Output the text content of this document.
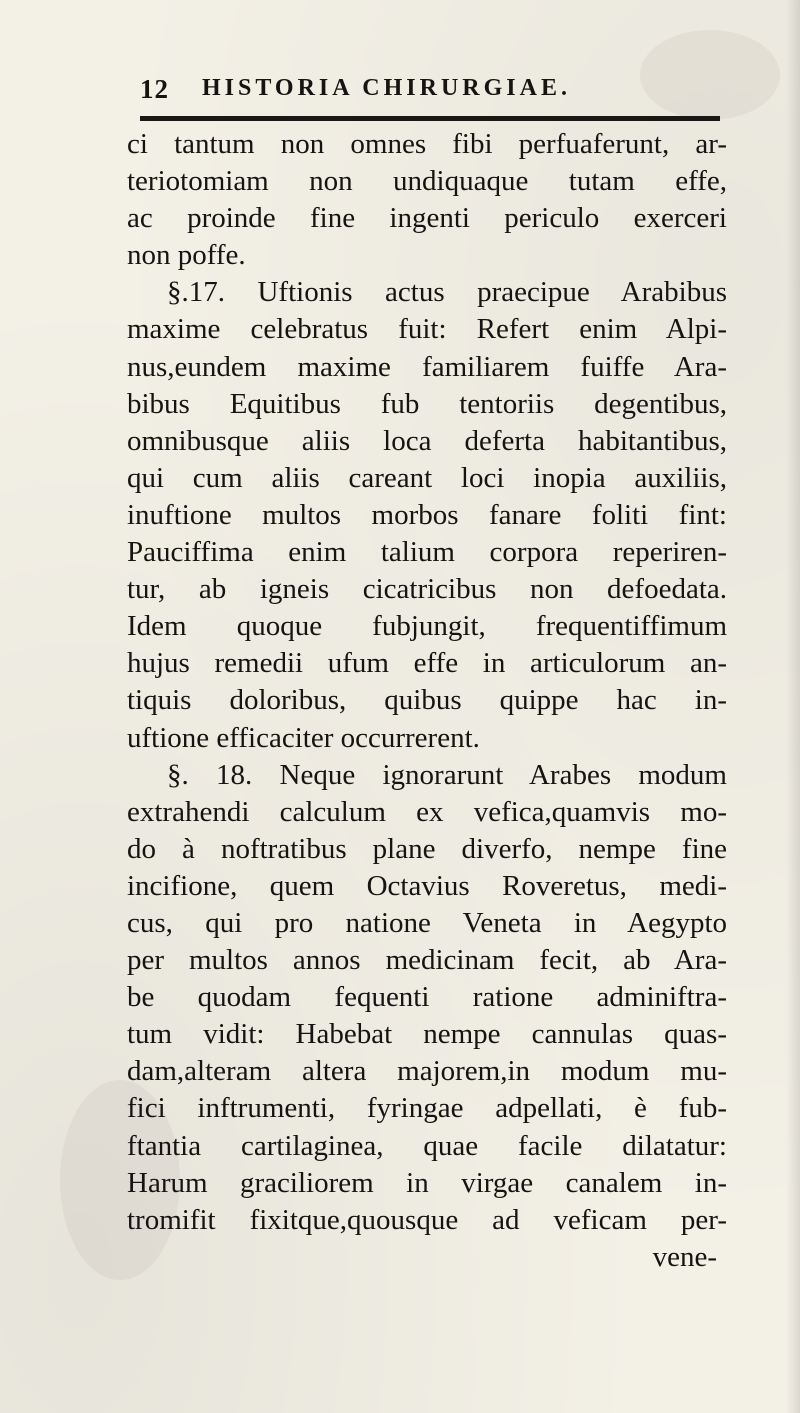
12 HISTORIA CHIRURGIAE.
ci tantum non omnes fibi perfuaferunt, ar-
teriotomiam non undiquaque tutam effe,
ac proinde fine ingenti periculo exerceri
non poffe.
§.17. Uftionis actus praecipue Arabibus
maxime celebratus fuit: Refert enim Alpi-
nus,eundem maxime familiarem fuiffe Ara-
bibus Equitibus fub tentoriis degentibus,
omnibusque aliis loca deferta habitantibus,
qui cum aliis careant loci inopia auxiliis,
inuftione multos morbos fanare foliti fint:
Pauciffima enim talium corpora reperiren-
tur, ab igneis cicatricibus non defoedata.
Idem quoque fubjungit, frequentiffimum
hujus remedii ufum effe in articulorum an-
tiquis doloribus, quibus quippe hac in-
uftione efficaciter occurrerent.
§. 18. Neque ignorarunt Arabes modum
extrahendi calculum ex vefica,quamvis mo-
do à noftratibus plane diverfo, nempe fine
incifione, quem Octavius Roveretus, medi-
cus, qui pro natione Veneta in Aegypto
per multos annos medicinam fecit, ab Ara-
be quodam fequenti ratione adminiftra-
tum vidit: Habebat nempe cannulas quas-
dam,alteram altera majorem,in modum mu-
fici inftrumenti, fyringae adpellati, è fub-
ftantia cartilaginea, quae facile dilatatur:
Harum graciliorem in virgae canalem in-
tromifit fixitque,quousque ad veficam per-
vene-
